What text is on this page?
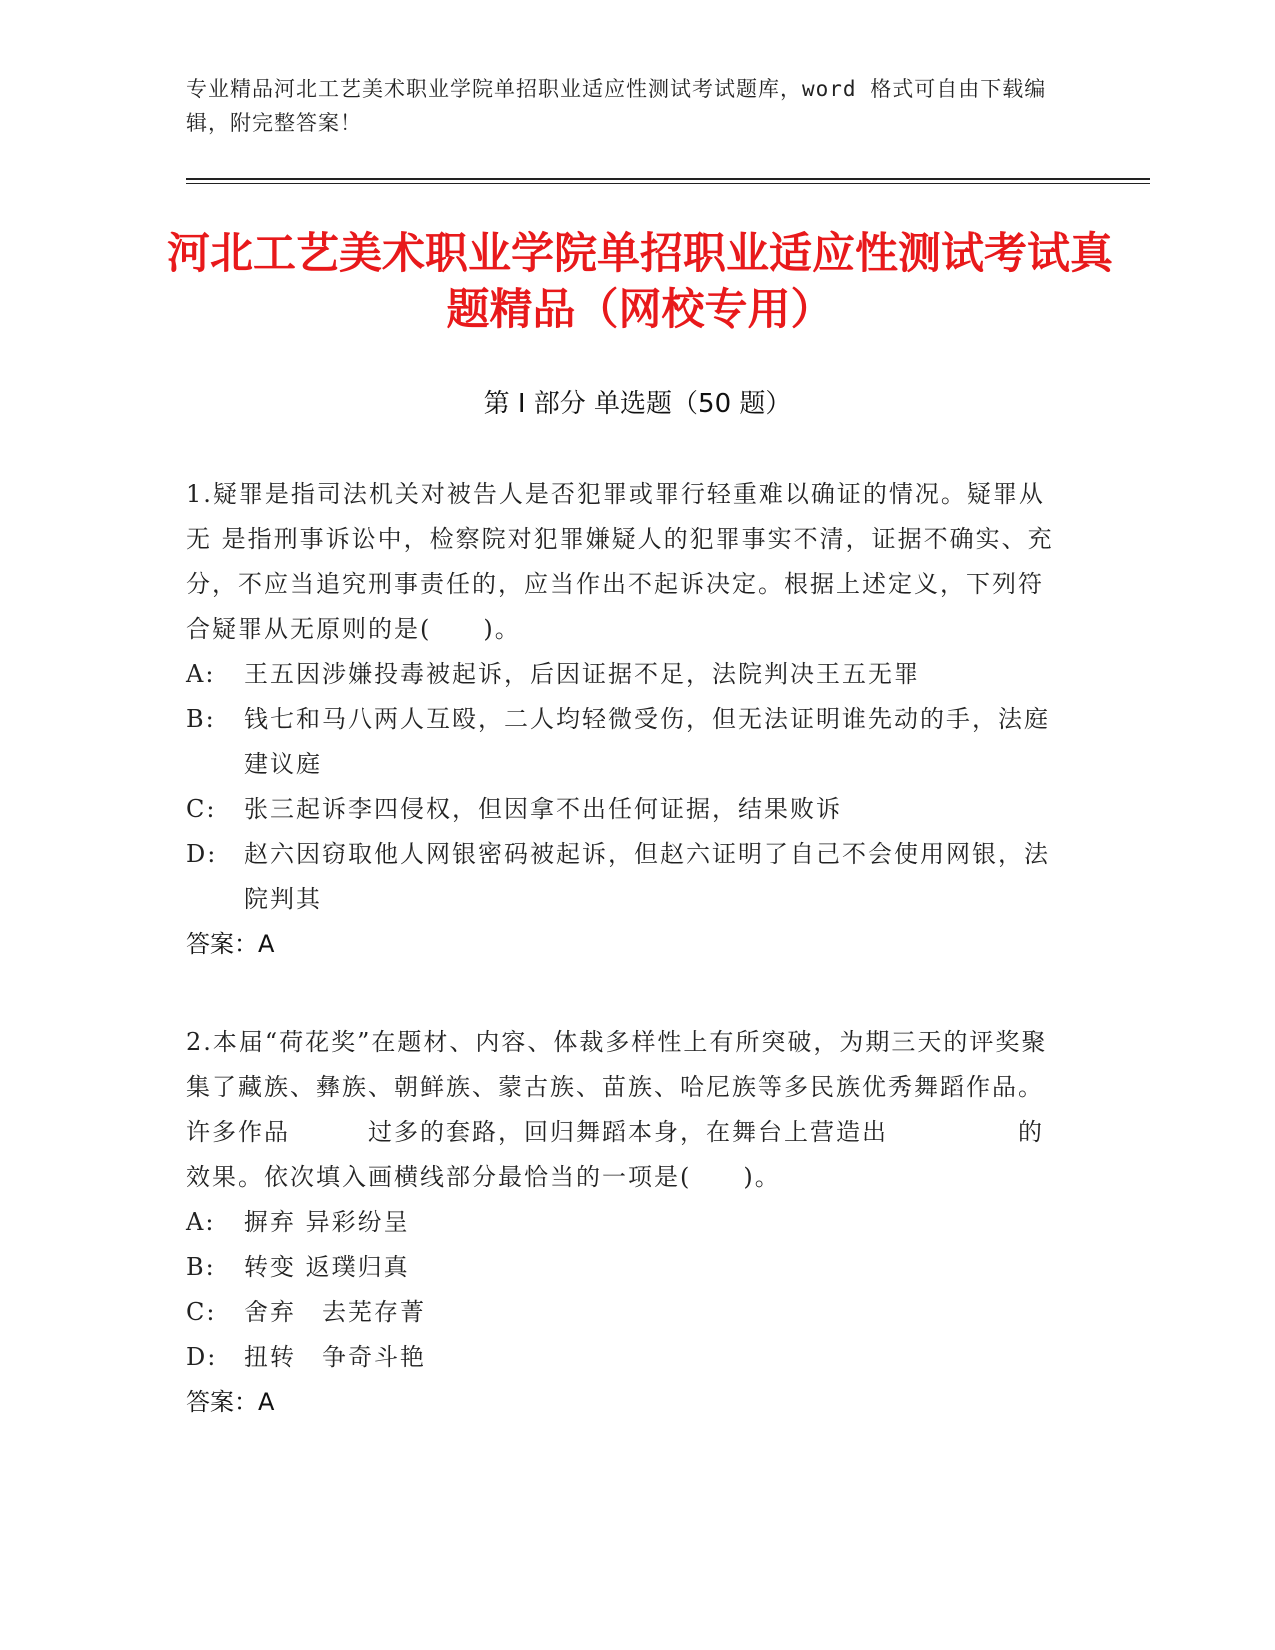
专业精品河北工艺美术职业学院单招职业适应性测试考试题库，word 格式可自由下载编辑，附完整答案！
河北工艺美术职业学院单招职业适应性测试考试真题精品（网校专用）
第 I 部分 单选题（50 题）

1.疑罪是指司法机关对被告人是否犯罪或罪行轻重难以确证的情况。疑罪从无 是指刑事诉讼中，检察院对犯罪嫌疑人的犯罪事实不清，证据不确实、充分，不应当追究刑事责任的，应当作出不起诉决定。根据上述定义，下列符合疑罪从无原则的是(　　)。

A:	王五因涉嫌投毒被起诉，后因证据不足，法院判决王五无罪
B:	钱七和马八两人互殴，二人均轻微受伤，但无法证明谁先动的手，法庭建议庭
C:	张三起诉李四侵权，但因拿不出任何证据，结果败诉
D:	赵六因窃取他人网银密码被起诉，但赵六证明了自己不会使用网银，法院判其

答案：A

2.本届“荷花奖”在题材、内容、体裁多样性上有所突破，为期三天的评奖聚 集了藏族、彝族、朝鲜族、蒙古族、苗族、哈尼族等多民族优秀舞蹈作品。许多作品　　　过多的套路，回归舞蹈本身，在舞台上营造出　　　　　的效果。依次填入画横线部分最恰当的一项是(　　)。

A:	摒弃 异彩纷呈
B:	转变 返璞归真
C:	舍弃　去芜存菁
D:	扭转　争奇斗艳

答案：A
